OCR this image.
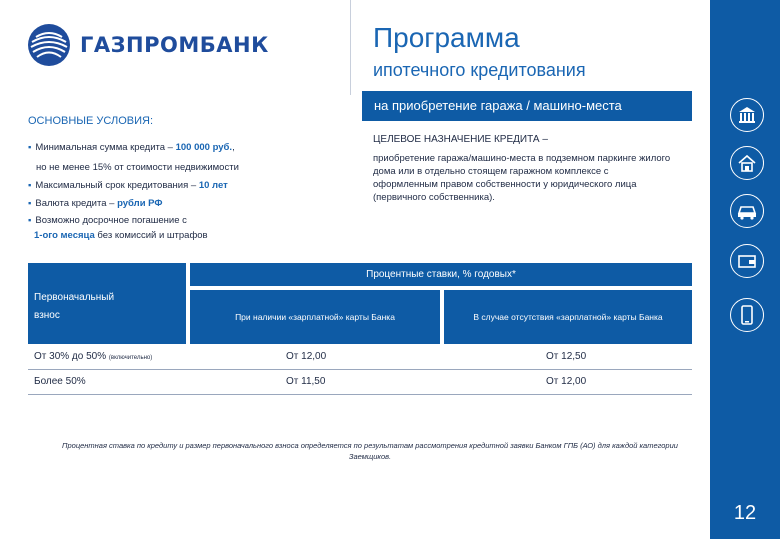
ГАЗПРОМБАНК	Программа
ипотечного кредитования
на приобретение гаража / машино-места
12
ОСНОВНЫЕ УСЛОВИЯ:
▪ Минимальная сумма кредита – 100 000 руб.,
но не менее 15% от стоимости недвижимости
▪ Максимальный срок кредитования – 10 лет
▪ Валюта кредита – рубли РФ
▪ Возможно досрочное погашение с
1-ого месяца без комиссий и штрафов
ЦЕЛЕВОЕ НАЗНАЧЕНИЕ КРЕДИТА –
приобретение гаража/машино-места в подземном паркинге жилого дома или в отдельно стоящем гаражном комплексе с оформленным правом собственности у юридического лица (первичного собственника).
Первоначальный
взнос
Процентные ставки, % годовых*
При наличии «зарплатной» карты Банка	В случае отсутствия «зарплатной» карты Банка
От 30% до 50% (включительно)	От 12,00	От 12,50
Более 50%	От 11,50	От 12,00
Процентная ставка по кредиту и размер первоначального взноса определяется по результатам рассмотрения кредитной заявки Банком ГПБ (АО) для каждой категории Заемщиков.
